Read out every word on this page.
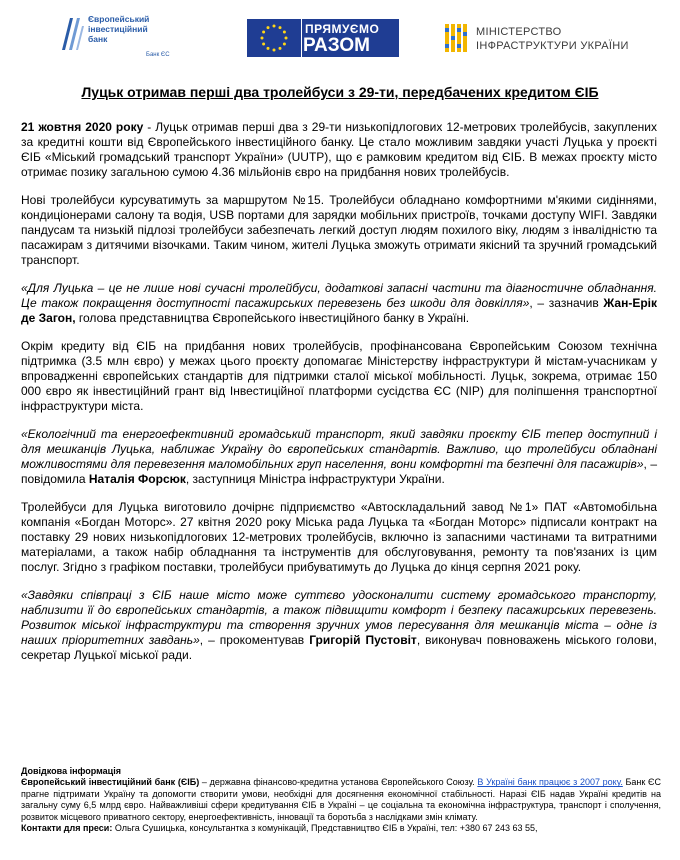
Європейський
інвестиційний
банк
Банк ЄС
ПРЯМУЄМО
РАЗОМ
МІНІСТЕРСТВО
ІНФРАСТРУКТУРИ УКРАЇНИ
Луцьк отримав перші два тролейбуси з 29-ти, передбачених кредитом ЄІБ

21 жовтня 2020 року - Луцьк отримав перші два з 29-ти низькопідлогових 12-метрових тролейбусів, закуплених за кредитні кошти від Європейського інвестиційного банку. Це стало можливим завдяки участі Луцька у проєкті ЄІБ «Міський громадський транспорт України» (UUTP), що є рамковим кредитом від ЄІБ. В межах проєкту місто отримає позику загальною сумою 4.36 мільйонів євро на придбання нових тролейбусів.

Нові тролейбуси курсуватимуть за маршрутом №15. Тролейбуси обладнано комфортними м'якими сидіннями, кондиціонерами салону та водія, USB портами для зарядки мобільних пристроїв, точками доступу WIFI. Завдяки пандусам та низькій підлозі тролейбуси забезпечать легкий доступ людям похилого віку, людям з інвалідністю та пасажирам з дитячими візочками. Таким чином, жителі Луцька зможуть отримати якісний та зручний громадський транспорт.

«Для Луцька – це не лише нові сучасні тролейбуси, додаткові запасні частини та діагностичне обладнання. Це також покращення доступності пасажирських перевезень без шкоди для довкілля», – зазначив Жан-Ерік де Загон, голова представництва Європейського інвестиційного банку в Україні.

Окрім кредиту від ЄІБ на придбання нових тролейбусів, профінансована Європейським Союзом технічна підтримка (3.5 млн євро) у межах цього проєкту допомагає Міністерству інфраструктури й містам-учасникам у впровадженні європейських стандартів для підтримки сталої міської мобільності. Луцьк, зокрема, отримає 150 000 євро як інвестиційний грант від Інвестиційної платформи сусідства ЄС (NIP) для поліпшення транспортної інфраструктури міста.

«Екологічний та енергоефективний громадський транспорт, який завдяки проєкту ЄІБ тепер доступний і для мешканців Луцька, наближає Україну до європейських стандартів. Важливо, що тролейбуси обладнані можливостями для перевезення маломобільних груп населення, вони комфортні та безпечні для пасажирів», – повідомила Наталія Форсюк, заступниця Міністра інфраструктури України.

Тролейбуси для Луцька виготовило дочірнє підприємство «Автоскладальний завод №1» ПАТ «Автомобільна компанія «Богдан Моторс». 27 квітня 2020 року Міська рада Луцька та «Богдан Моторс» підписали контракт на поставку 29 нових низькопідлогових 12-метрових тролейбусів, включно із запасними частинами та витратними матеріалами, а також набір обладнання та інструментів для обслуговування, ремонту та пов'язаних із цим послуг. Згідно з графіком поставки, тролейбуси прибуватимуть до Луцька до кінця серпня 2021 року.

«Завдяки співпраці з ЄІБ наше місто може суттєво удосконалити систему громадського транспорту, наблизити її до європейських стандартів, а також підвищити комфорт і безпеку пасажирських перевезень. Розвиток міської інфраструктури та створення зручних умов пересування для мешканців міста – одне із наших пріоритетних завдань», – прокоментував Григорій Пустовіт, виконувач повноважень міського голови, секретар Луцької міської ради.

Довідкова інформація

Європейський інвестиційний банк (ЄІБ) – державна фінансово-кредитна установа Європейського Союзу. В Україні банк працює з 2007 року. Банк ЄС прагне підтримати Україну та допомогти створити умови, необхідні для досягнення економічної стабільності. Наразі ЄІБ надав Україні кредитів на загальну суму 6,5 млрд євро. Найважливіші сфери кредитування ЄІБ в Україні – це соціальна та економічна інфраструктура, транспорт і сполучення, розвиток місцевого приватного сектору, енергоефективність, інновації та боротьба з наслідками змін клімату.

Контакти для преси: Ольга Сушицька, консультантка з комунікацій, Представництво ЄІБ в Україні, тел: +380 67 243 63 55,
